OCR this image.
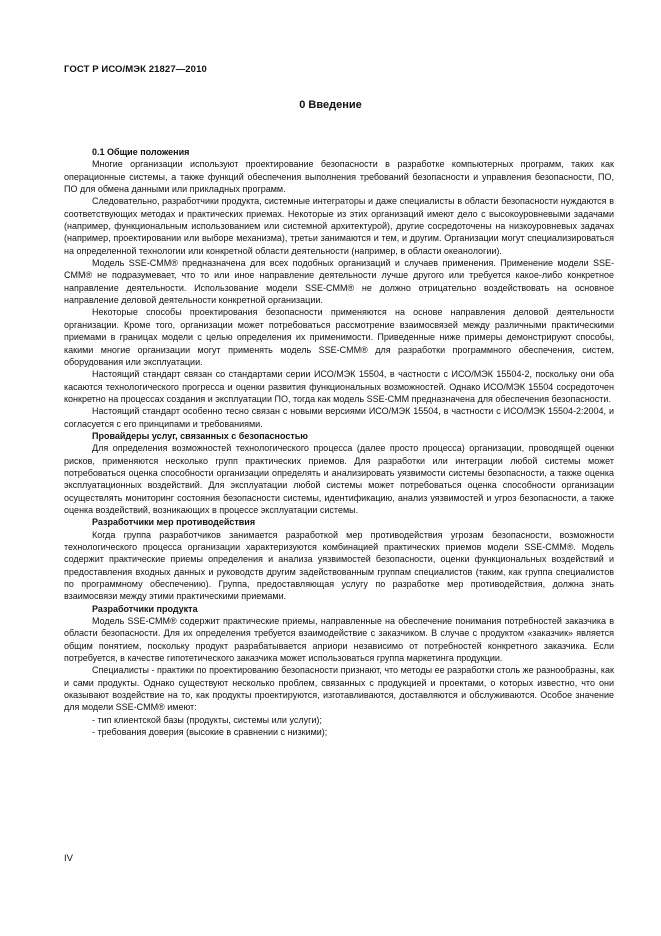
ГОСТ Р ИСО/МЭК 21827—2010
0 Введение
0.1 Общие положения

Многие организации используют проектирование безопасности в разработке компьютерных программ, таких как операционные системы, а также функций обеспечения выполнения требований безопасности и управления безопасности, ПО, ПО для обмена данными или прикладных программ.

Следовательно, разработчики продукта, системные интеграторы и даже специалисты в области безопасности нуждаются в соответствующих методах и практических приемах. Некоторые из этих организаций имеют дело с высокоуровневыми задачами (например, функциональным использованием или системной архитектурой), другие сосредоточены на низкоуровневых задачах (например, проектировании или выборе механизма), третьи занимаются и тем, и другим. Организации могут специализироваться на определенной технологии или конкретной области деятельности (например, в области океанологии).

Модель SSE-CMM® предназначена для всех подобных организаций и случаев применения. Применение модели SSE-CMM® не подразумевает, что то или иное направление деятельности лучше другого или требуется какое-либо конкретное направление деятельности. Использование модели SSE-CMM® не должно отрицательно воздействовать на основное направление деловой деятельности конкретной организации.

Некоторые способы проектирования безопасности применяются на основе направления деловой деятельности организации. Кроме того, организации может потребоваться рассмотрение взаимосвязей между различными практическими приемами в границах модели с целью определения их применимости. Приведенные ниже примеры демонстрируют способы, какими многие организации могут применять модель SSE-CMM® для разработки программного обеспечения, систем, оборудования или эксплуатации.

Настоящий стандарт связан со стандартами серии ИСО/МЭК 15504, в частности с ИСО/МЭК 15504-2, поскольку они оба касаются технологического прогресса и оценки развития функциональных возможностей. Однако ИСО/МЭК 15504 сосредоточен конкретно на процессах создания и эксплуатации ПО, тогда как модель SSE-CMM предназначена для обеспечения безопасности.

Настоящий стандарт особенно тесно связан с новыми версиями ИСО/МЭК 15504, в частности с ИСО/МЭК 15504-2:2004, и согласуется с его принципами и требованиями.

Провайдеры услуг, связанных с безопасностью

Для определения возможностей технологического процесса (далее просто процесса) организации, проводящей оценки рисков, применяются несколько групп практических приемов. Для разработки или интеграции любой системы может потребоваться оценка способности организации определять и анализировать уязвимости системы безопасности, а также оценка эксплуатационных воздействий. Для эксплуатации любой системы может потребоваться оценка способности организации осуществлять мониторинг состояния безопасности системы, идентификацию, анализ уязвимостей и угроз безопасности, а также оценка воздействий, возникающих в процессе эксплуатации системы.

Разработчики мер противодействия

Когда группа разработчиков занимается разработкой мер противодействия угрозам безопасности, возможности технологического процесса организации характеризуются комбинацией практических приемов модели SSE-CMM®. Модель содержит практические приемы определения и анализа уязвимостей безопасности, оценки функциональных воздействий и предоставления входных данных и руководств другим задействованным группам специалистов (таким, как группа специалистов по программному обеспечению). Группа, предоставляющая услугу по разработке мер противодействия, должна знать взаимосвязи между этими практическими приемами.

Разработчики продукта

Модель SSE-CMM® содержит практические приемы, направленные на обеспечение понимания потребностей заказчика в области безопасности. Для их определения требуется взаимодействие с заказчиком. В случае с продуктом «заказчик» является общим понятием, поскольку продукт разрабатывается априори независимо от потребностей конкретного заказчика. Если потребуется, в качестве гипотетического заказчика может использоваться группа маркетинга продукции.

Специалисты - практики по проектированию безопасности признают, что методы ее разработки столь же разнообразны, как и сами продукты. Однако существуют несколько проблем, связанных с продукцией и проектами, о которых известно, что они оказывают воздействие на то, как продукты проектируются, изготавливаются, доставляются и обслуживаются. Особое значение для модели SSE-CMM® имеют:

- тип клиентской базы (продукты, системы или услуги);
- требования доверия (высокие в сравнении с низкими);
IV
